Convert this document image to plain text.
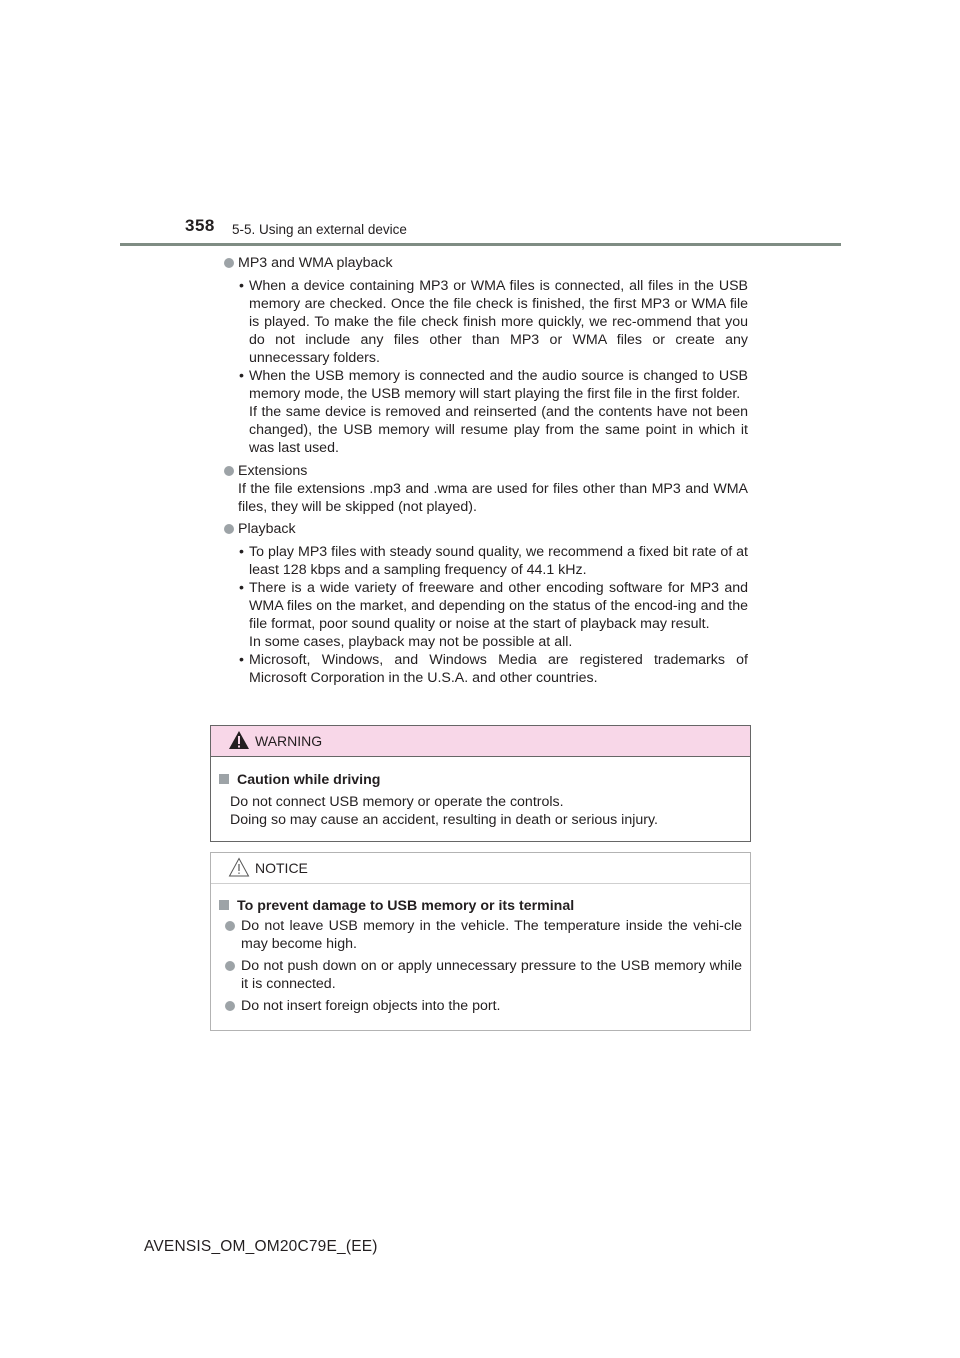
358 5-5. Using an external device
MP3 and WMA playback
• When a device containing MP3 or WMA files is connected, all files in the USB memory are checked. Once the file check is finished, the first MP3 or WMA file is played. To make the file check finish more quickly, we rec-ommend that you do not include any files other than MP3 or WMA files or create any unnecessary folders.
• When the USB memory is connected and the audio source is changed to USB memory mode, the USB memory will start playing the first file in the first folder.
If the same device is removed and reinserted (and the contents have not been changed), the USB memory will resume play from the same point in which it was last used.
Extensions
If the file extensions .mp3 and .wma are used for files other than MP3 and WMA files, they will be skipped (not played).
Playback
• To play MP3 files with steady sound quality, we recommend a fixed bit rate of at least 128 kbps and a sampling frequency of 44.1 kHz.
• There is a wide variety of freeware and other encoding software for MP3 and WMA files on the market, and depending on the status of the encod-ing and the file format, poor sound quality or noise at the start of playback may result.
In some cases, playback may not be possible at all.
• Microsoft, Windows, and Windows Media are registered trademarks of Microsoft Corporation in the U.S.A. and other countries.
WARNING
Caution while driving
Do not connect USB memory or operate the controls.
Doing so may cause an accident, resulting in death or serious injury.
NOTICE
To prevent damage to USB memory or its terminal
Do not leave USB memory in the vehicle. The temperature inside the vehi-cle may become high.
Do not push down on or apply unnecessary pressure to the USB memory while it is connected.
Do not insert foreign objects into the port.
AVENSIS_OM_OM20C79E_(EE)
